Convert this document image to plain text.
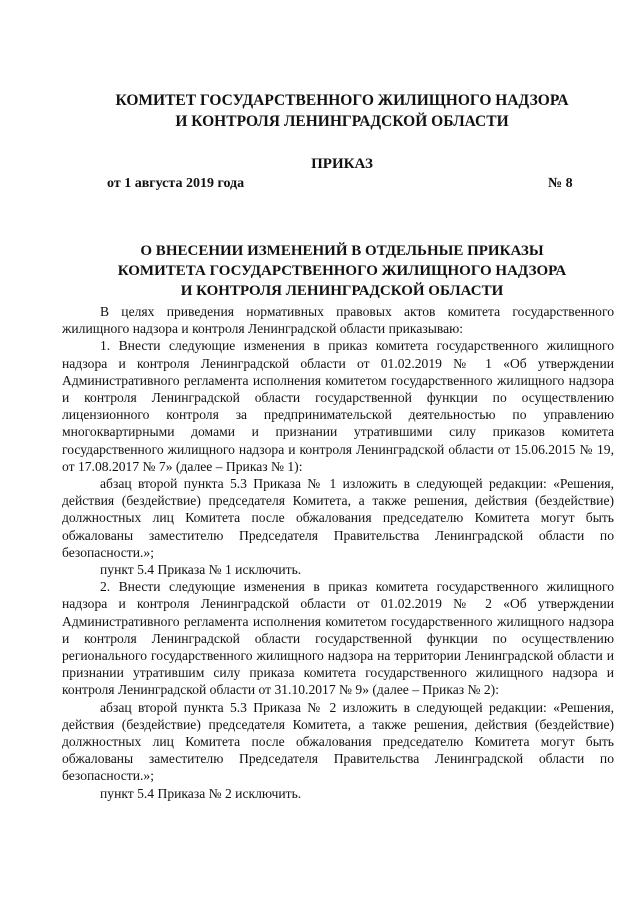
КОМИТЕТ ГОСУДАРСТВЕННОГО ЖИЛИЩНОГО НАДЗОРА
И КОНТРОЛЯ ЛЕНИНГРАДСКОЙ ОБЛАСТИ
ПРИКАЗ
от 1 августа 2019 года	№ 8
О ВНЕСЕНИИ ИЗМЕНЕНИЙ В ОТДЕЛЬНЫЕ ПРИКАЗЫ
КОМИТЕТА ГОСУДАРСТВЕННОГО ЖИЛИЩНОГО НАДЗОРА
И КОНТРОЛЯ ЛЕНИНГРАДСКОЙ ОБЛАСТИ

В целях приведения нормативных правовых актов комитета государственного жилищного надзора и контроля Ленинградской области приказываю:

1. Внести следующие изменения в приказ комитета государственного жилищного надзора и контроля Ленинградской области от 01.02.2019 № 1 «Об утверждении Административного регламента исполнения комитетом государственного жилищного надзора и контроля Ленинградской области государственной функции по осуществлению лицензионного контроля за предпринимательской деятельностью по управлению многоквартирными домами и признании утратившими силу приказов комитета государственного жилищного надзора и контроля Ленинградской области от 15.06.2015 № 19, от 17.08.2017 № 7» (далее – Приказ № 1):

абзац второй пункта 5.3 Приказа № 1 изложить в следующей редакции: «Решения, действия (бездействие) председателя Комитета, а также решения, действия (бездействие) должностных лиц Комитета после обжалования председателю Комитета могут быть обжалованы заместителю Председателя Правительства Ленинградской области по безопасности.»;

пункт 5.4 Приказа № 1 исключить.

2. Внести следующие изменения в приказ комитета государственного жилищного надзора и контроля Ленинградской области от 01.02.2019 № 2 «Об утверждении Административного регламента исполнения комитетом государственного жилищного надзора и контроля Ленинградской области государственной функции по осуществлению регионального государственного жилищного надзора на территории Ленинградской области и признании утратившим силу приказа комитета государственного жилищного надзора и контроля Ленинградской области от 31.10.2017 № 9» (далее – Приказ № 2):

абзац второй пункта 5.3 Приказа № 2 изложить в следующей редакции: «Решения, действия (бездействие) председателя Комитета, а также решения, действия (бездействие) должностных лиц Комитета после обжалования председателю Комитета могут быть обжалованы заместителю Председателя Правительства Ленинградской области по безопасности.»;

пункт 5.4 Приказа № 2 исключить.
